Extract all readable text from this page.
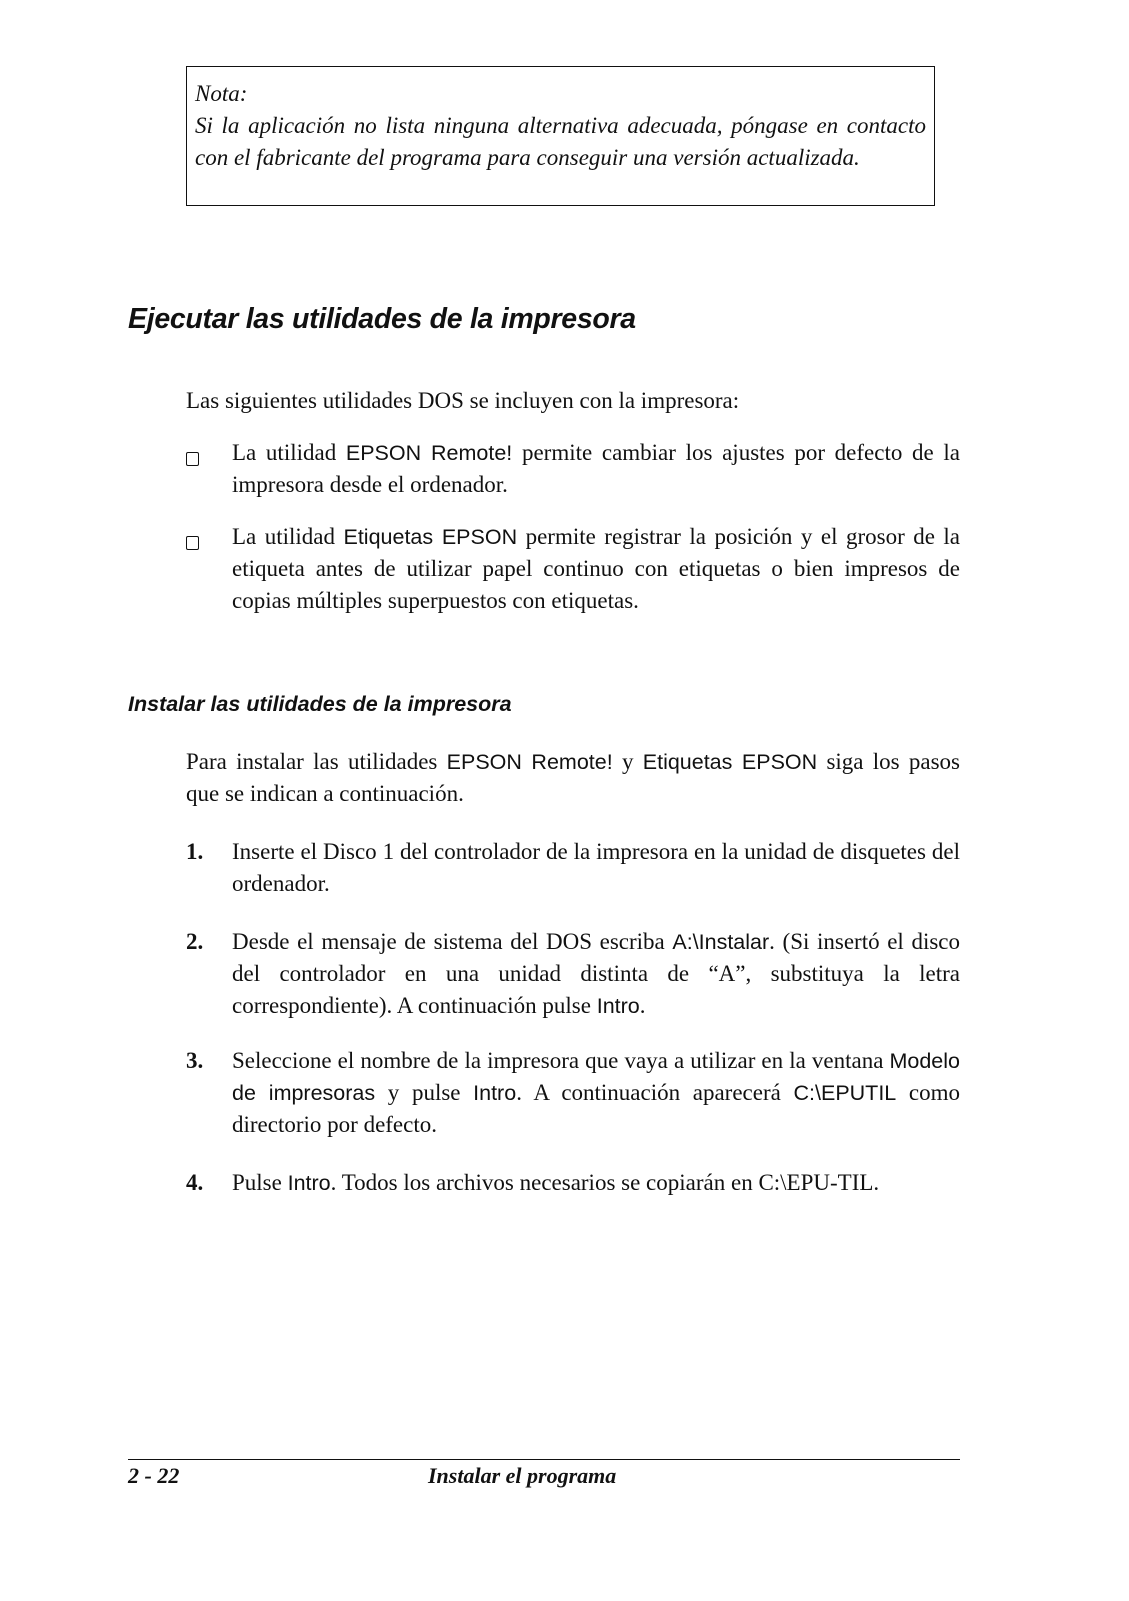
Nota:
Si la aplicación no lista ninguna alternativa adecuada, póngase en contacto con el fabricante del programa para conseguir una versión actualizada.
Ejecutar las utilidades de la impresora
Las siguientes utilidades DOS se incluyen con la impresora:
La utilidad EPSON Remote! permite cambiar los ajustes por defecto de la impresora desde el ordenador.
La utilidad Etiquetas EPSON permite registrar la posición y el grosor de la etiqueta antes de utilizar papel continuo con etiquetas o bien impresos de copias múltiples superpuestos con etiquetas.
Instalar las utilidades de la impresora
Para instalar las utilidades EPSON Remote! y Etiquetas EPSON siga los pasos que se indican a continuación.
1. Inserte el Disco 1 del controlador de la impresora en la unidad de disquetes del ordenador.
2. Desde el mensaje de sistema del DOS escriba A:\Instalar. (Si insertó el disco del controlador en una unidad distinta de “A”, substituya la letra correspondiente). A continuación pulse Intro.
3. Seleccione el nombre de la impresora que vaya a utilizar en la ventana Modelo de impresoras y pulse Intro. A continuación aparecerá C:\EPUTIL como directorio por defecto.
4. Pulse Intro. Todos los archivos necesarios se copiarán en C:\EPU-TIL.
2 - 22	Instalar el programa
